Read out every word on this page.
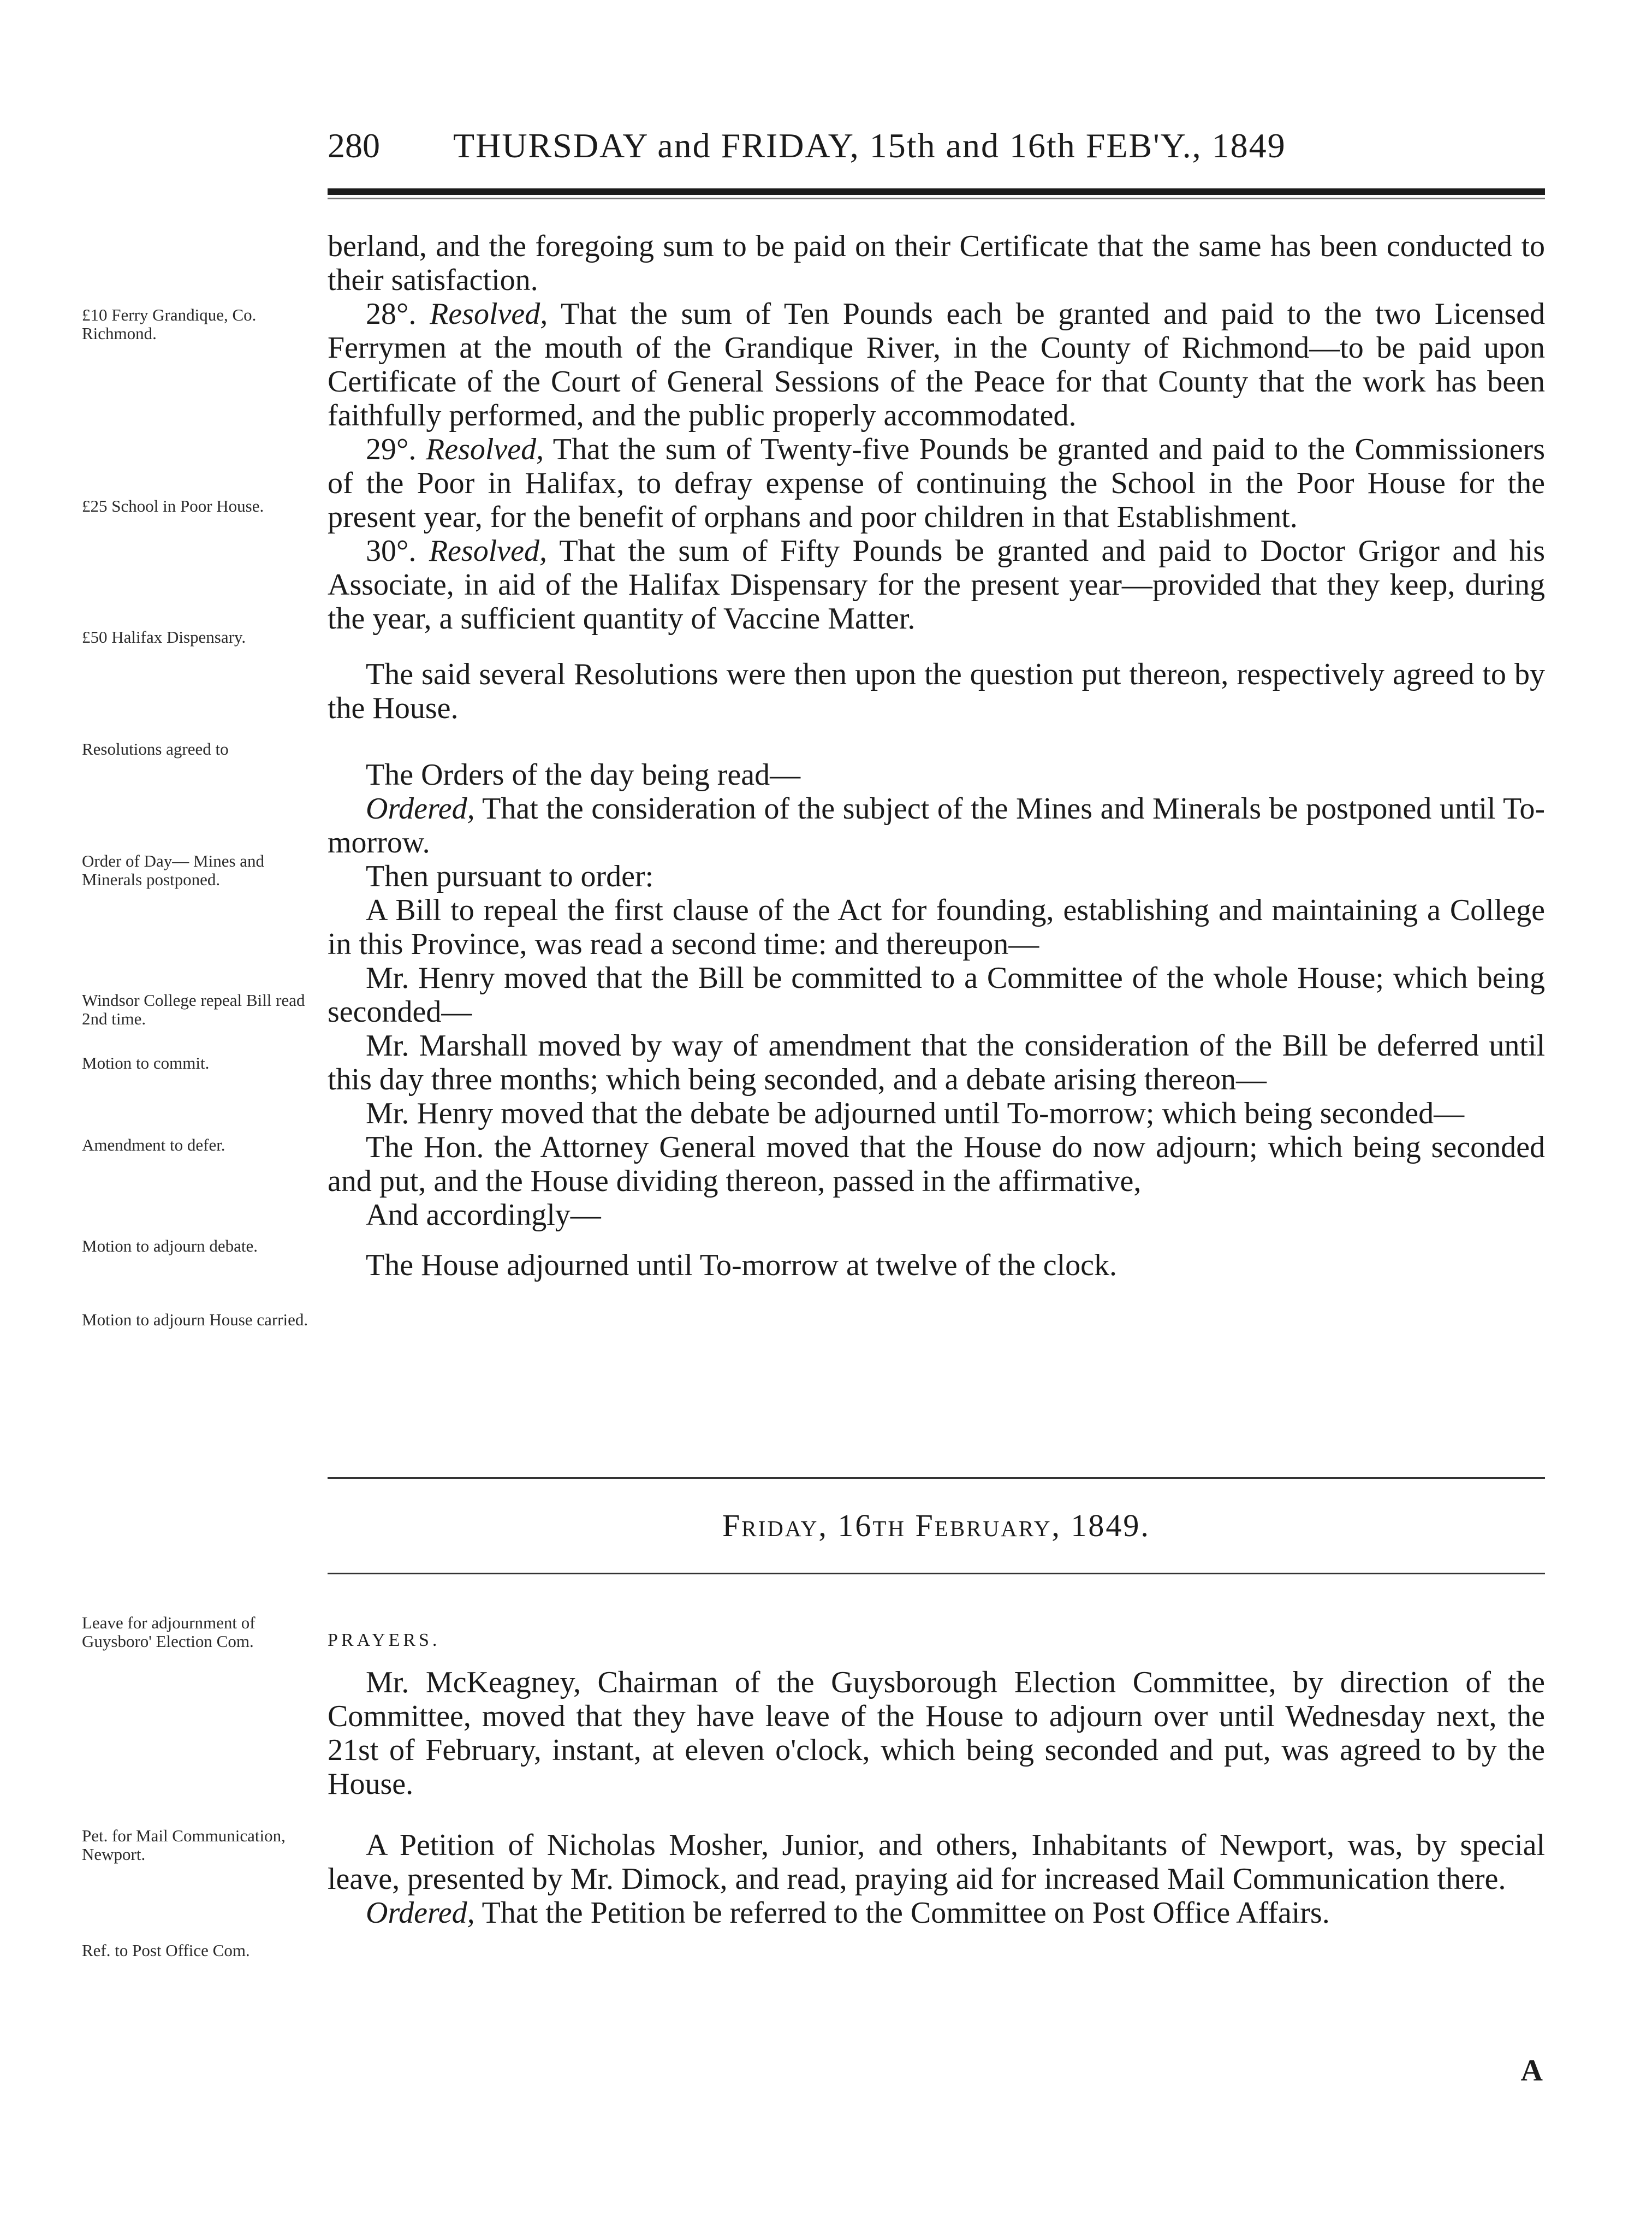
280 THURSDAY and FRIDAY, 15th and 16th FEB'Y., 1849
£10 Ferry Grandique, Co. Richmond.
£25 School in Poor House.
£50 Halifax Dispensary.
Resolutions agreed to
Order of Day— Mines and Minerals postponed.
Windsor College repeal Bill read 2nd time.
Motion to commit.
Amendment to defer.
Motion to adjourn debate.
Motion to adjourn House carried.
Leave for adjournment of Guysboro' Election Com.
Pet. for Mail Communication, Newport.
Ref. to Post Office Com.
berland, and the foregoing sum to be paid on their Certificate that the same has been conducted to their satisfaction.
28°. Resolved, That the sum of Ten Pounds each be granted and paid to the two Licensed Ferrymen at the mouth of the Grandique River, in the County of Richmond—to be paid upon Certificate of the Court of General Sessions of the Peace for that County that the work has been faithfully performed, and the public properly accommodated.
29°. Resolved, That the sum of Twenty-five Pounds be granted and paid to the Commissioners of the Poor in Halifax, to defray expense of continuing the School in the Poor House for the present year, for the benefit of orphans and poor children in that Establishment.
30°. Resolved, That the sum of Fifty Pounds be granted and paid to Doctor Grigor and his Associate, in aid of the Halifax Dispensary for the present year—provided that they keep, during the year, a sufficient quantity of Vaccine Matter.
The said several Resolutions were then upon the question put thereon, respectively agreed to by the House.
The Orders of the day being read—
Ordered, That the consideration of the subject of the Mines and Minerals be postponed until To-morrow.
Then pursuant to order:
A Bill to repeal the first clause of the Act for founding, establishing and maintaining a College in this Province, was read a second time: and thereupon—
Mr. Henry moved that the Bill be committed to a Committee of the whole House; which being seconded—
Mr. Marshall moved by way of amendment that the consideration of the Bill be deferred until this day three months; which being seconded, and a debate arising thereon—
Mr. Henry moved that the debate be adjourned until To-morrow; which being seconded—
The Hon. the Attorney General moved that the House do now adjourn; which being seconded and put, and the House dividing thereon, passed in the affirmative,
And accordingly—
The House adjourned until To-morrow at twelve of the clock.
Friday, 16th February, 1849.
PRAYERS.
Mr. McKeagney, Chairman of the Guysborough Election Committee, by direction of the Committee, moved that they have leave of the House to adjourn over until Wednesday next, the 21st of February, instant, at eleven o'clock, which being seconded and put, was agreed to by the House.
A Petition of Nicholas Mosher, Junior, and others, Inhabitants of Newport, was, by special leave, presented by Mr. Dimock, and read, praying aid for increased Mail Communication there.
Ordered, That the Petition be referred to the Committee on Post Office Affairs.
A
